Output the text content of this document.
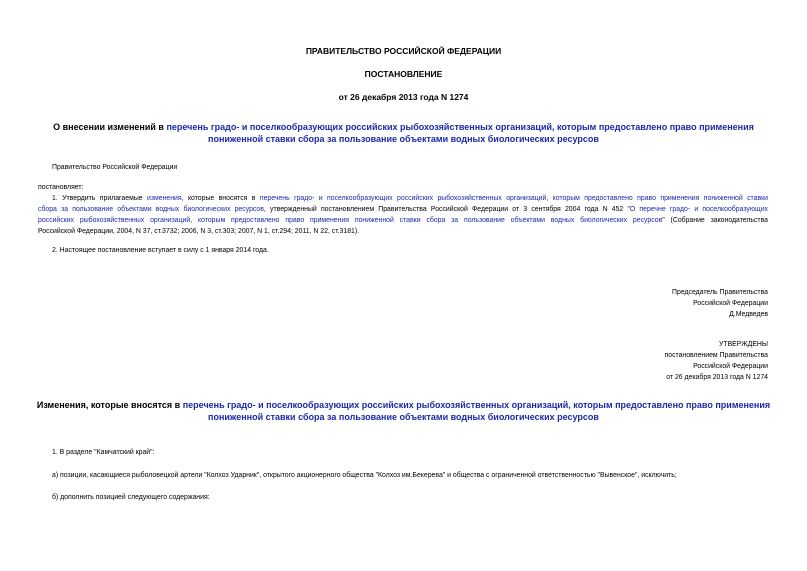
ПРАВИТЕЛЬСТВО РОССИЙСКОЙ ФЕДЕРАЦИИ
ПОСТАНОВЛЕНИЕ
от 26 декабря 2013 года N 1274
О внесении изменений в перечень градо- и поселкообразующих российских рыбохозяйственных организаций, которым предоставлено право применения
пониженной ставки сбора за пользование объектами водных биологических ресурсов
Правительство Российской Федерации
постановляет:
1. Утвердить прилагаемые изменения, которые вносятся в перечень градо- и поселкообразующих российских рыбохозяйственных организаций, которым предоставлено право применения пониженной ставки
сбора за пользование объектами водных биологических ресурсов, утвержденный постановлением Правительства Российской Федерации от 3 сентября 2004 года N 452 "О перечне градо- и поселкообразующих
российских рыбохозяйственных организаций, которым предоставлено право применения пониженной ставки сбора за пользование объектами водных биологических ресурсов" (Собрание законодательства
Российской Федерации, 2004, N 37, ст.3732; 2006, N 3, ст.303; 2007, N 1, ст.294; 2011, N 22, ст.3181).
2. Настоящее постановление вступает в силу с 1 января 2014 года.
Председатель Правительства
Российской Федерации
Д.Медведев
УТВЕРЖДЕНЫ
постановлением Правительства
Российской Федерации
от 26 декабря 2013 года N 1274
Изменения, которые вносятся в перечень градо- и поселкообразующих российских рыбохозяйственных организаций, которым предоставлено право применения
пониженной ставки сбора за пользование объектами водных биологических ресурсов
1. В разделе "Камчатский край":
а) позиции, касающиеся рыболовецкой артели "Колхоз Ударник", открытого акционерного общества "Колхоз им.Бекерева" и общества с ограниченной ответственностью "Вывенское", исключить;
б) дополнить позицией следующего содержания:
